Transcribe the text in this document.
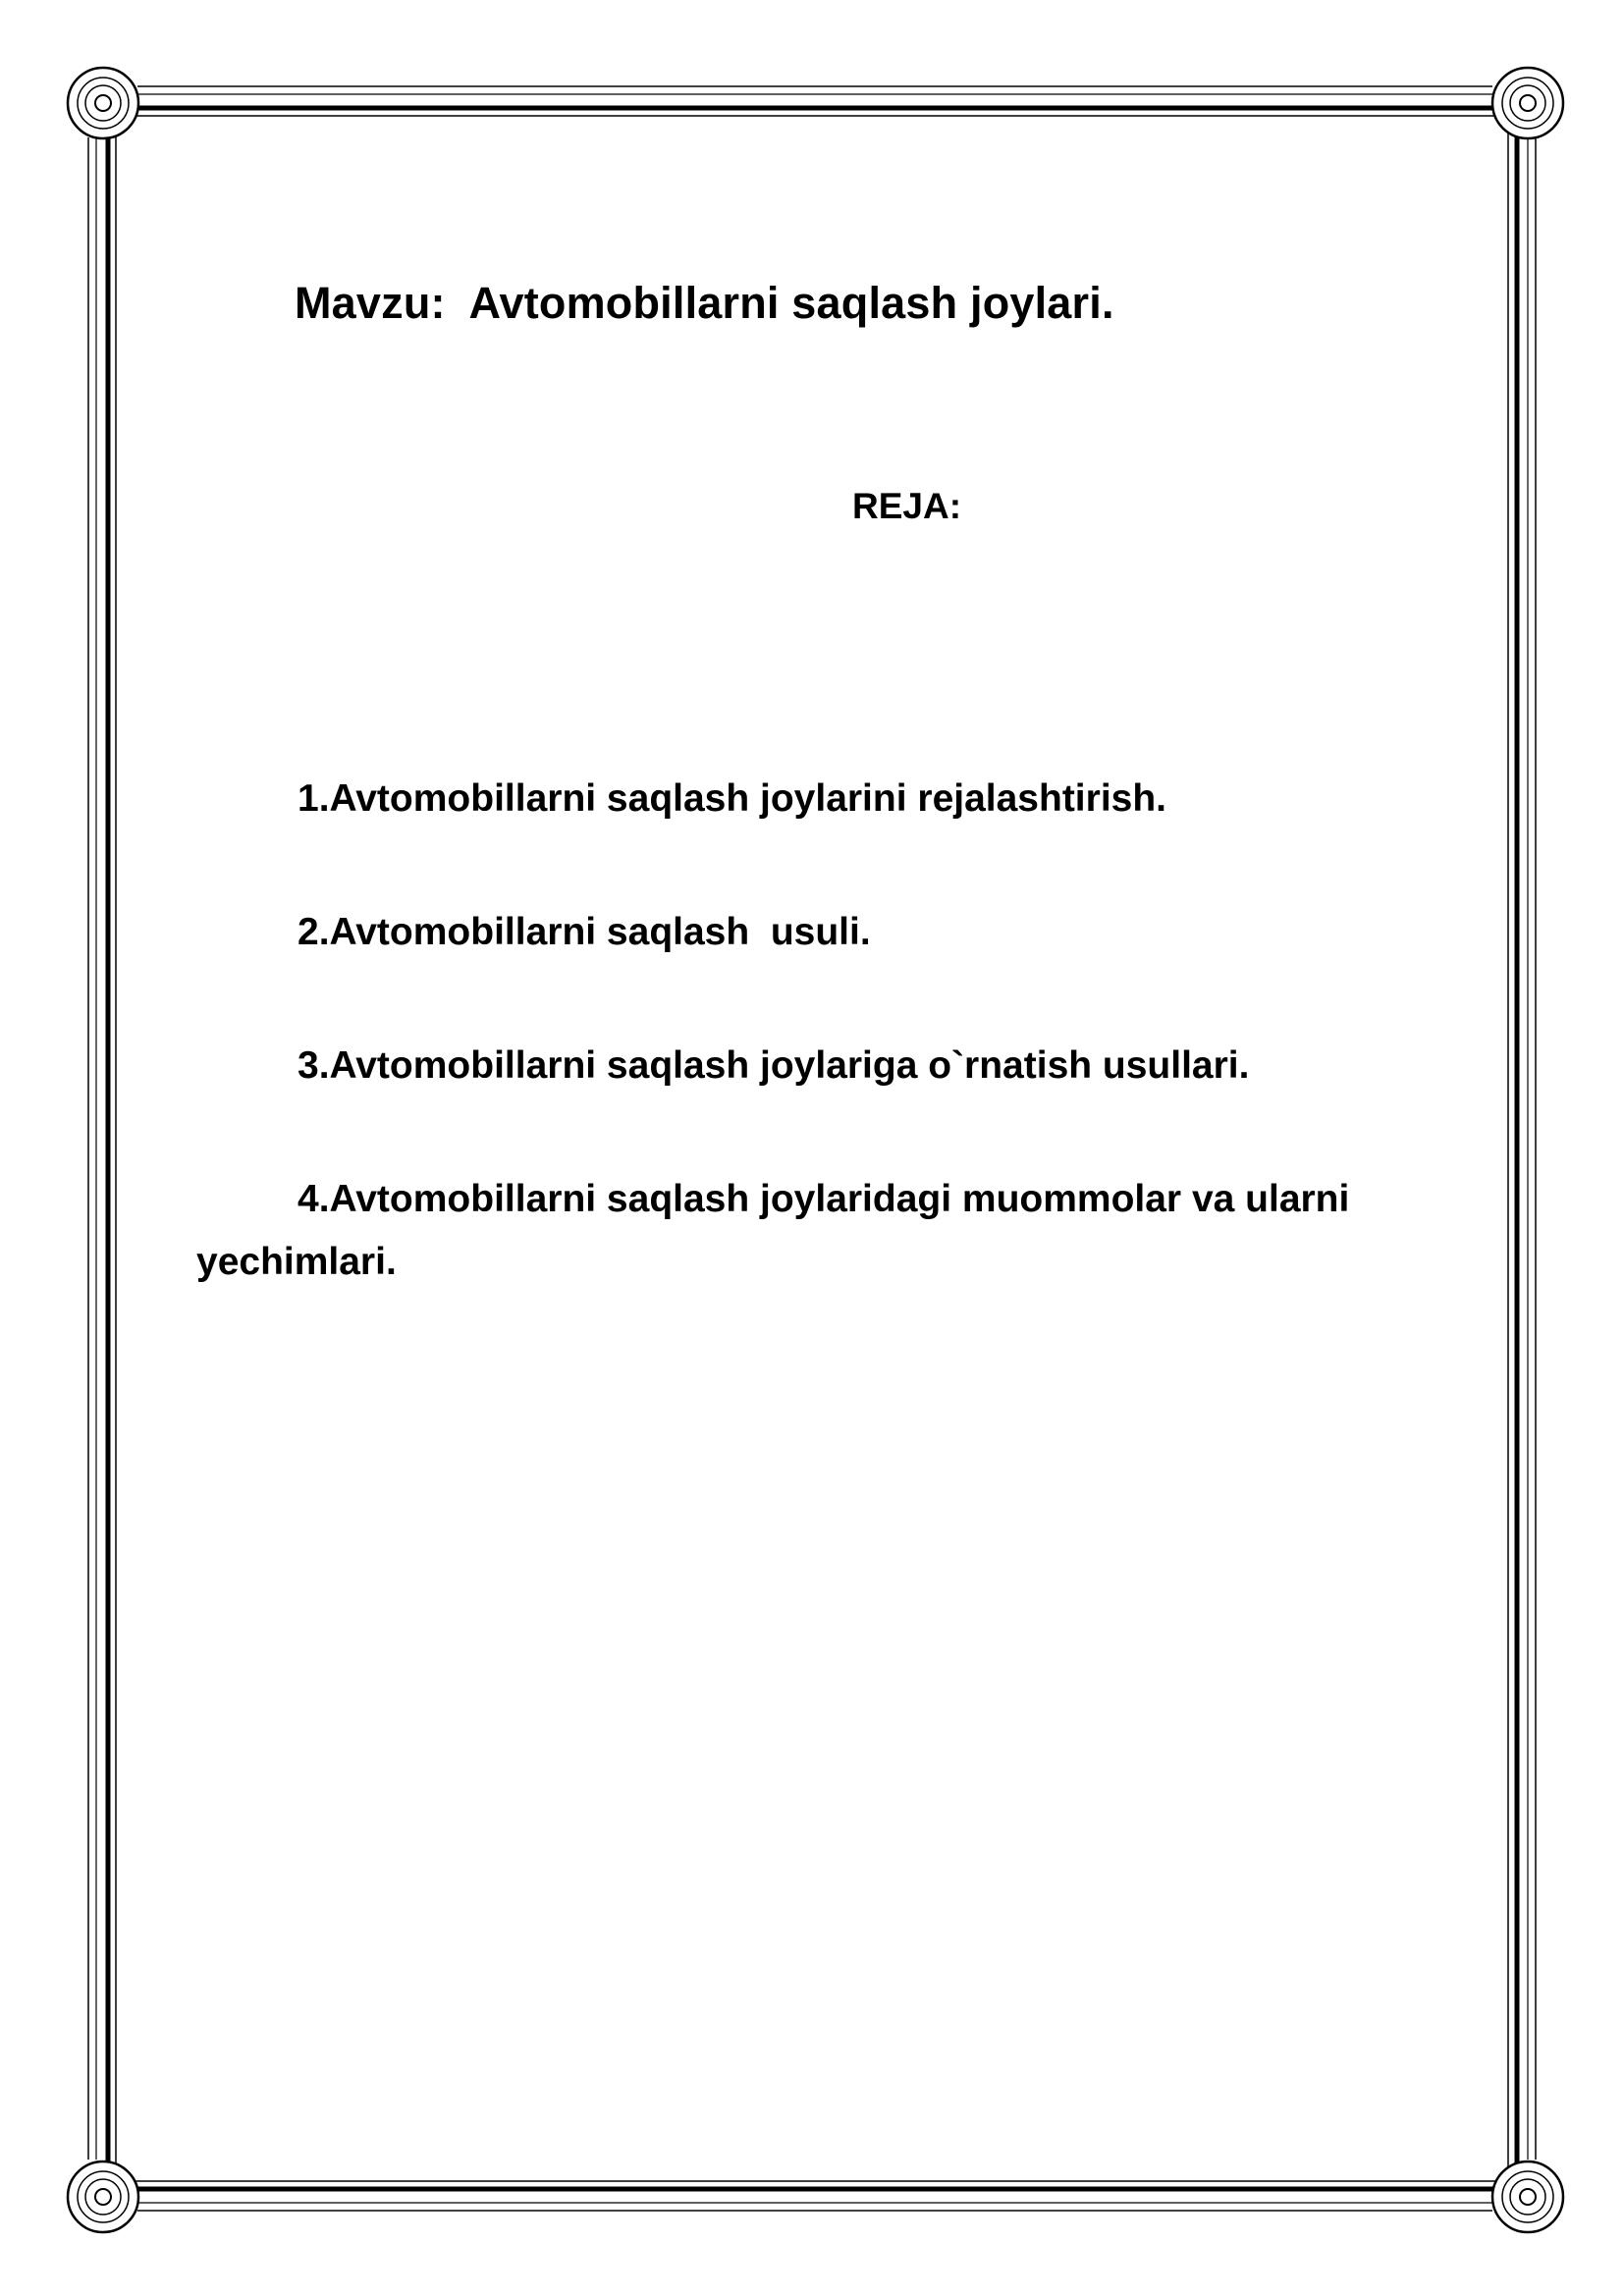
Mavzu:  Avtomobillarni saqlash joylari.
REJA:
1.Avtomobillarni saqlash joylarini rejalashtirish.
2.Avtomobillarni saqlash  usuli.
3.Avtomobillarni saqlash joylariga o`rnatish usullari.
4.Avtomobillarni saqlash joylaridagi muommolar va ularni yechimlari.
